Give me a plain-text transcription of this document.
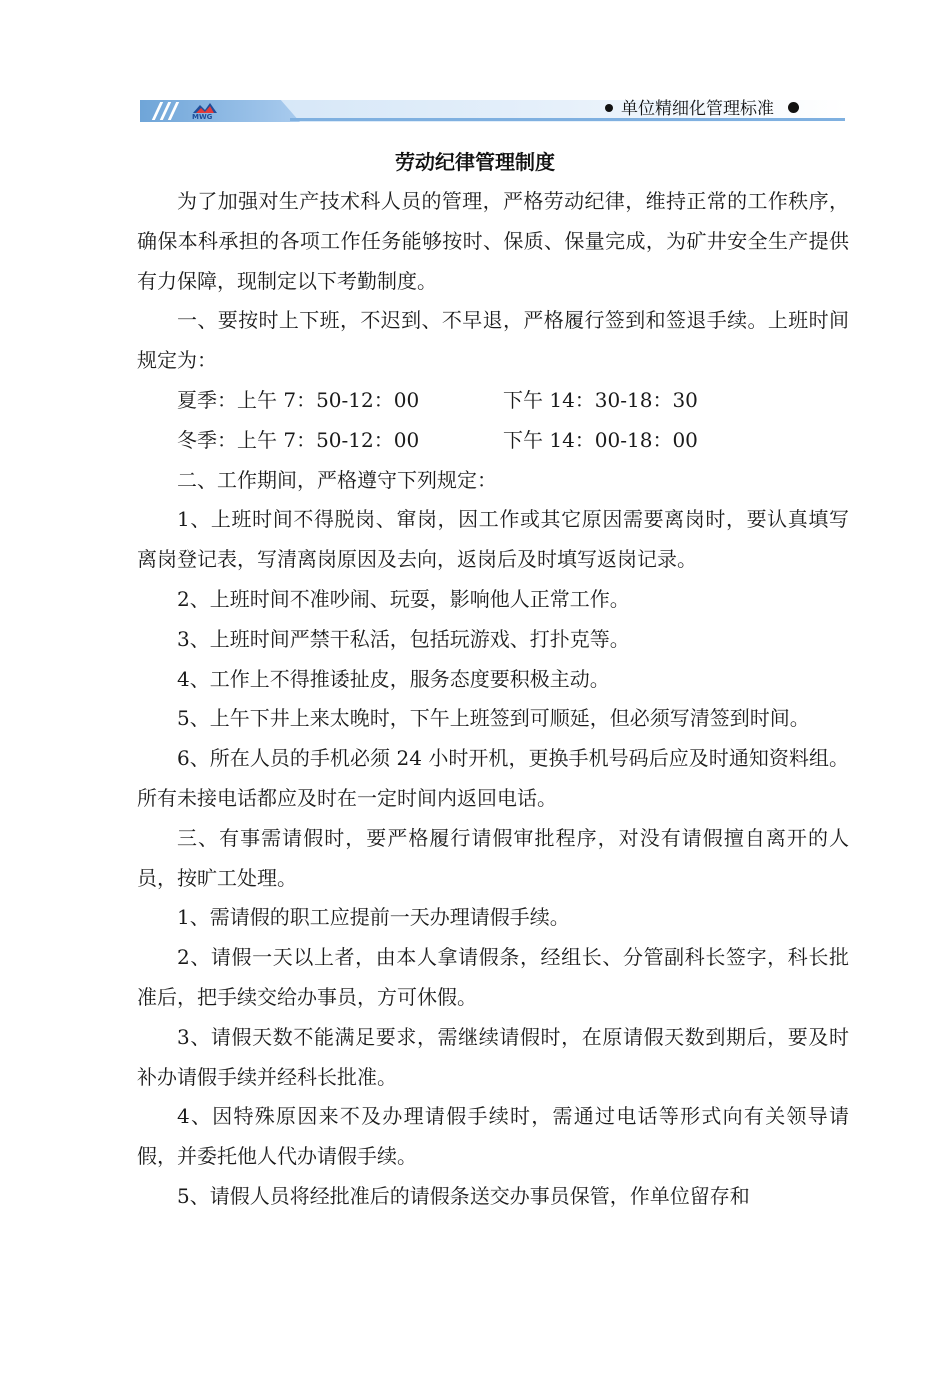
MWG	单位精细化管理标准
劳动纪律管理制度

为了加强对生产技术科人员的管理，严格劳动纪律，维持正常的工作秩序，确保本科承担的各项工作任务能够按时、保质、保量完成，为矿井安全生产提供有力保障，现制定以下考勤制度。

一、要按时上下班，不迟到、不早退，严格履行签到和签退手续。上班时间规定为：

夏季：上午 7：50-12：00	下午 14：30-18：30

冬季：上午 7：50-12：00	下午 14：00-18：00

二、工作期间，严格遵守下列规定：

1、上班时间不得脱岗、窜岗，因工作或其它原因需要离岗时，要认真填写离岗登记表，写清离岗原因及去向，返岗后及时填写返岗记录。

2、上班时间不准吵闹、玩耍，影响他人正常工作。

3、上班时间严禁干私活，包括玩游戏、打扑克等。

4、工作上不得推诿扯皮，服务态度要积极主动。

5、上午下井上来太晚时，下午上班签到可顺延，但必须写清签到时间。

6、所在人员的手机必须 24 小时开机，更换手机号码后应及时通知资料组。所有未接电话都应及时在一定时间内返回电话。

三、有事需请假时，要严格履行请假审批程序，对没有请假擅自离开的人员，按旷工处理。

1、需请假的职工应提前一天办理请假手续。

2、请假一天以上者，由本人拿请假条，经组长、分管副科长签字，科长批准后，把手续交给办事员，方可休假。

3、请假天数不能满足要求，需继续请假时，在原请假天数到期后，要及时补办请假手续并经科长批准。

4、因特殊原因来不及办理请假手续时，需通过电话等形式向有关领导请假，并委托他人代办请假手续。

5、请假人员将经批准后的请假条送交办事员保管，作单位留存和
